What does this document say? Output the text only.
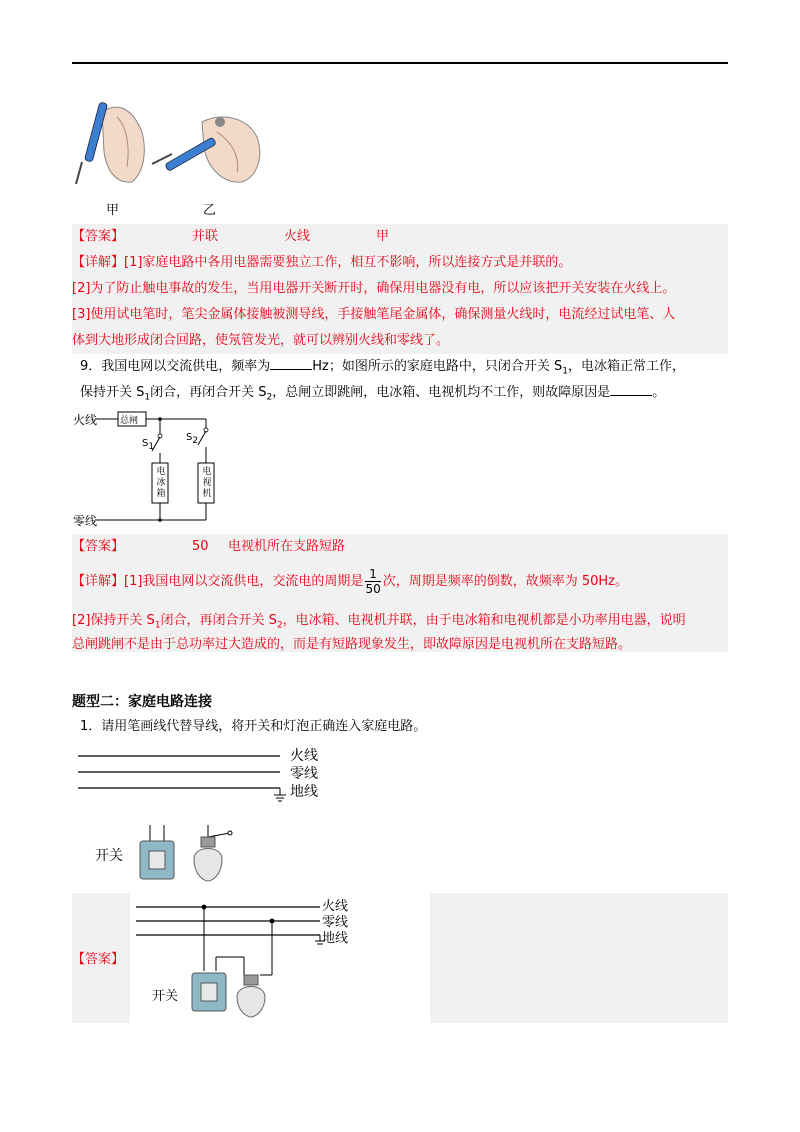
甲	乙
【答案】	并联	火线	甲
【详解】[1]家庭电路中各用电器需要独立工作，相互不影响，所以连接方式是并联的。
[2]为了防止触电事故的发生，当用电器开关断开时，确保用电器没有电，所以应该把开关安装在火线上。
[3]使用试电笔时，笔尖金属体接触被测导线，手接触笔尾金属体，确保测量火线时，电流经过试电笔、人
体到大地形成闭合回路，使氖管发光，就可以辨别火线和零线了。
9．我国电网以交流供电，频率为	Hz；如图所示的家庭电路中，只闭合开关 $S_1$，电冰箱正常工作，
保持开关 $S_1$闭合，再闭合开关 $S_2$，总闸立即跳闸，电冰箱、电视机均不工作，则故障原因是	。
火线
零线
总闸
$S_1$
$S_2$
电
冰
箱
电
视
机
【答案】	50 电视机所在支路短路
【详解】[1]我国电网以交流供电，交流电的周期是 $\frac{1}{50}$ 次，周期是频率的倒数，故频率为 50Hz。
[2]保持开关 $S_1$闭合，再闭合开关 $S_2$，电冰箱、电视机并联，由于电冰箱和电视机都是小功率用电器，说明
总闸跳闸不是由于总功率过大造成的，而是有短路现象发生，即故障原因是电视机所在支路短路。
题型二：家庭电路连接
1．请用笔画线代替导线，将开关和灯泡正确连入家庭电路。
火线
零线
地线
开关
【答案】
火线
零线
地线
开关
